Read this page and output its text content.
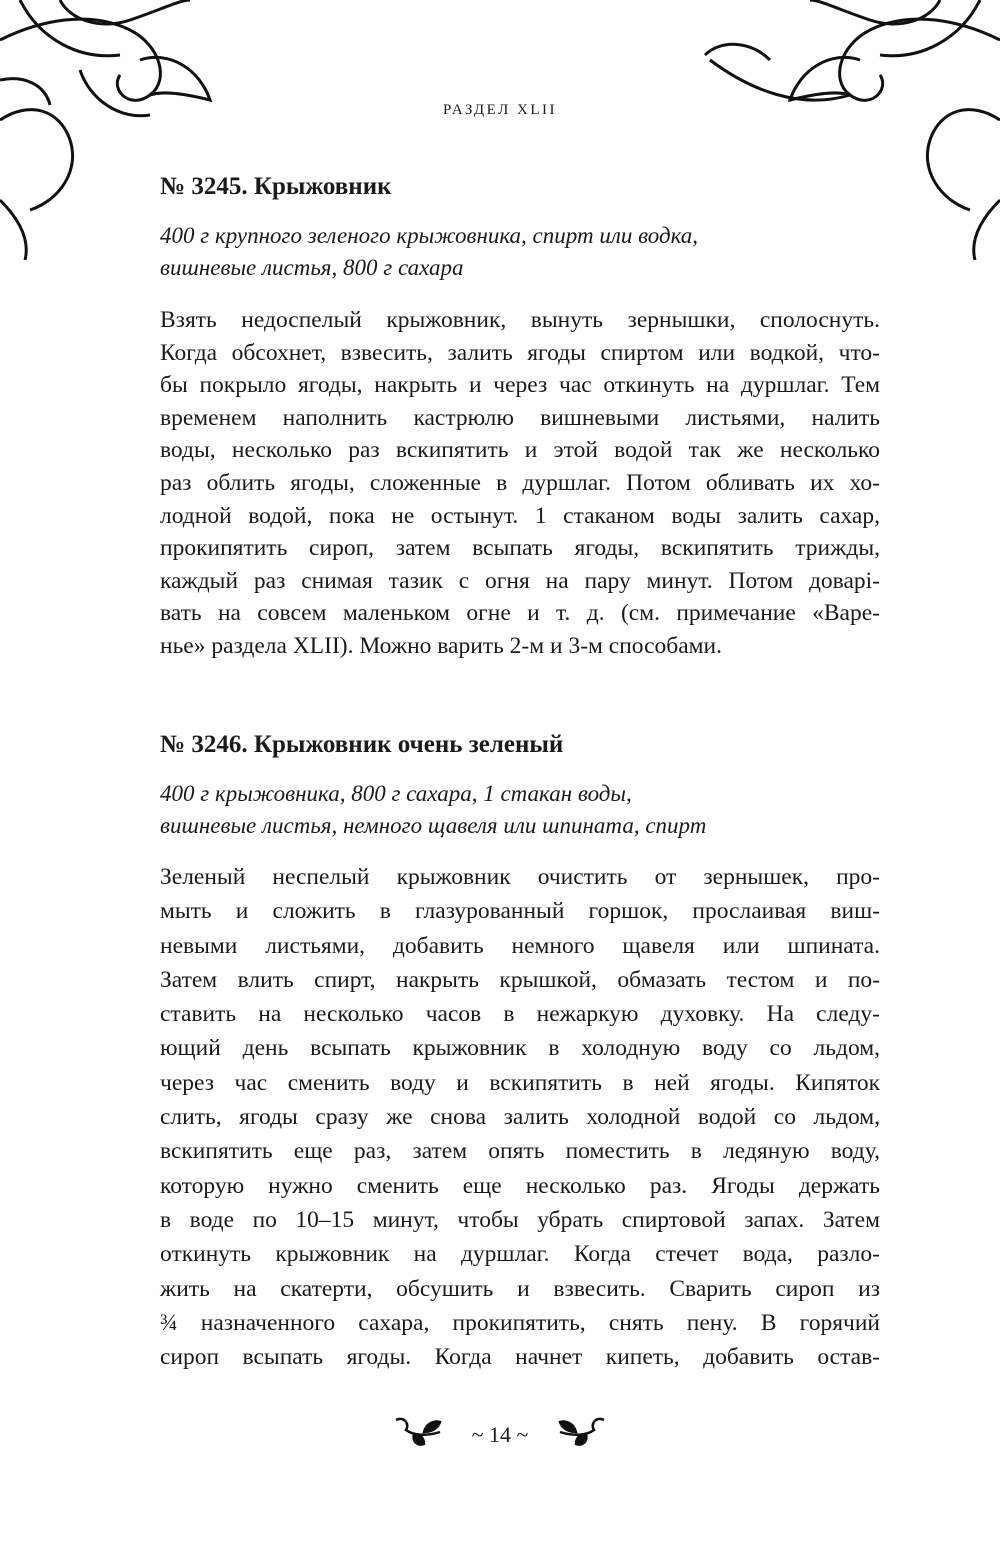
РАЗДЕЛ XLII
№ 3245. Крыжовник
400 г крупного зеленого крыжовника, спирт или водка,
вишневые листья, 800 г сахара
Взять недоспелый крыжовник, вынуть зернышки, сполоснуть.
Когда обсохнет, взвесить, залить ягоды спиртом или водкой, что-
бы покрыло ягоды, накрыть и через час откинуть на дуршлаг. Тем
временем наполнить кастрюлю вишневыми листьями, налить
воды, несколько раз вскипятить и этой водой так же несколько
раз облить ягоды, сложенные в дуршлаг. Потом обливать их хо-
лодной водой, пока не остынут. 1 стаканом воды залить сахар,
прокипятить сироп, затем всыпать ягоды, вскипятить трижды,
каждый раз снимая тазик с огня на пару минут. Потом доварі-
вать на совсем маленьком огне и т. д. (см. примечание «Варе-
нье» раздела XLII). Можно варить 2-м и 3-м способами.
№ 3246. Крыжовник очень зеленый
400 г крыжовника, 800 г сахара, 1 стакан воды,
вишневые листья, немного щавеля или шпината, спирт
Зеленый неспелый крыжовник очистить от зернышек, про-
мыть и сложить в глазурованный горшок, прослаивая виш-
невыми листьями, добавить немного щавеля или шпината.
Затем влить спирт, накрыть крышкой, обмазать тестом и по-
ставить на несколько часов в нежаркую духовку. На следу-
ющий день всыпать крыжовник в холодную воду со льдом,
через час сменить воду и вскипятить в ней ягоды. Кипяток
слить, ягоды сразу же снова залить холодной водой со льдом,
вскипятить еще раз, затем опять поместить в ледяную воду,
которую нужно сменить еще несколько раз. Ягоды держать
в воде по 10–15 минут, чтобы убрать спиртовой запах. Затем
откинуть крыжовник на дуршлаг. Когда стечет вода, разло-
жить на скатерти, обсушить и взвесить. Сварить сироп из
¾ назначенного сахара, прокипятить, снять пену. В горячий
сироп всыпать ягоды. Когда начнет кипеть, добавить остав-
~ 14 ~
